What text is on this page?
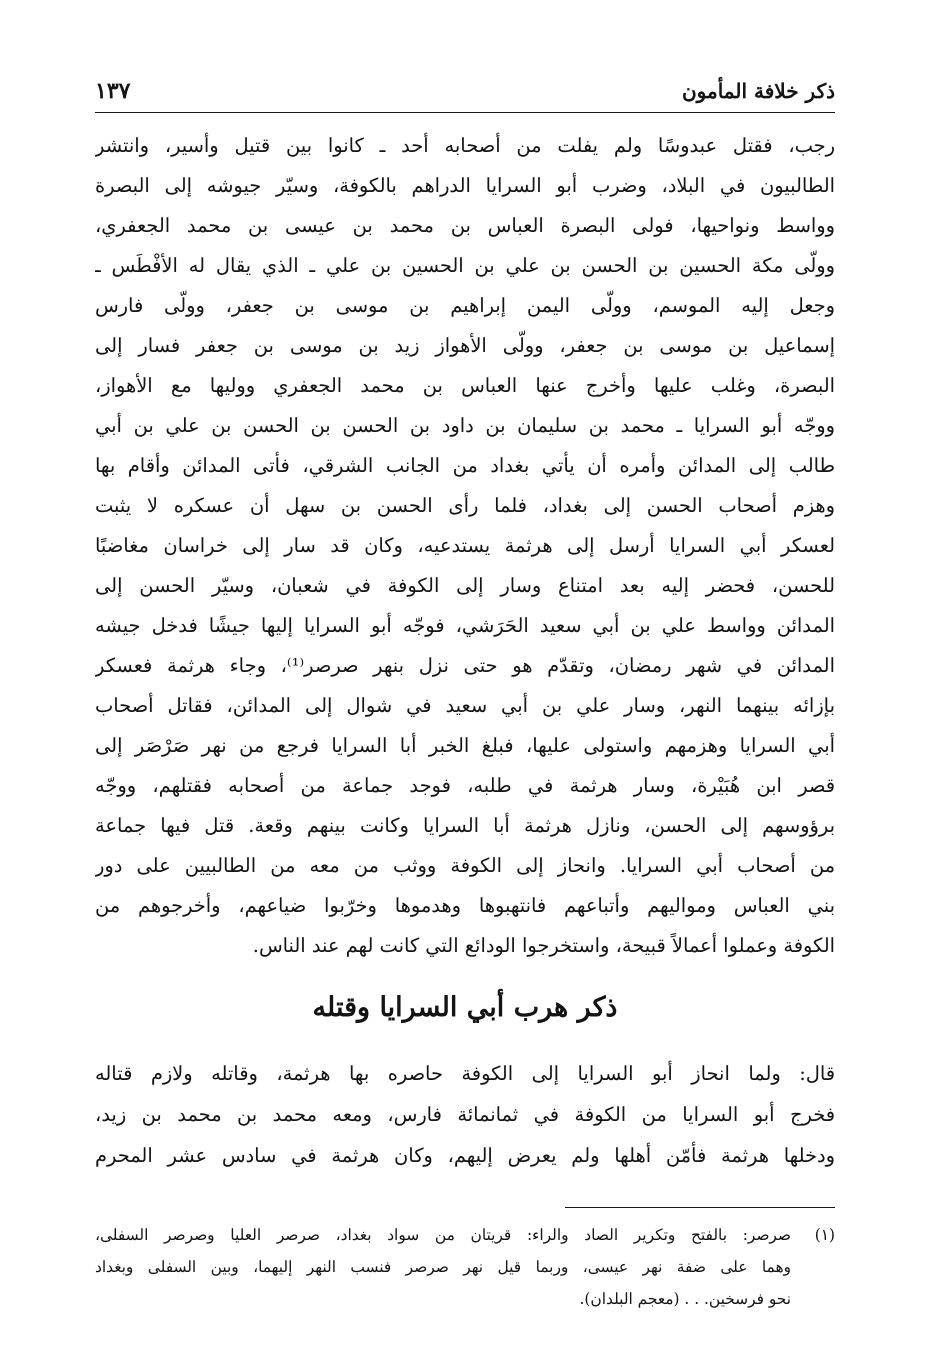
ذكر خلافة المأمون
١٣٧
رجب، فقتل عبدوسًا ولم يفلت من أصحابه أحد ـ كانوا بين قتيل وأسير، وانتشر
الطالبيون في البلاد، وضرب أبو السرايا الدراهم بالكوفة، وسيّر جيوشه إلى البصرة
وواسط ونواحيها، فولى البصرة العباس بن محمد بن عيسى بن محمد الجعفري،
وولّى مكة الحسين بن الحسن بن علي بن الحسين بن علي ـ الذي يقال له الأفْطَس ـ
وجعل إليه الموسم، وولّى اليمن إبراهيم بن موسى بن جعفر، وولّى فارس
إسماعيل بن موسى بن جعفر، وولّى الأهواز زيد بن موسى بن جعفر فسار إلى
البصرة، وغلب عليها وأخرج عنها العباس بن محمد الجعفري ووليها مع الأهواز،
ووجّه أبو السرايا ـ محمد بن سليمان بن داود بن الحسن بن الحسن بن علي بن أبي
طالب إلى المدائن وأمره أن يأتي بغداد من الجانب الشرقي، فأتى المدائن وأقام بها
وهزم أصحاب الحسن إلى بغداد، فلما رأى الحسن بن سهل أن عسكره لا يثبت
لعسكر أبي السرايا أرسل إلى هرثمة يستدعيه، وكان قد سار إلى خراسان مغاضبًا
للحسن، فحضر إليه بعد امتناع وسار إلى الكوفة في شعبان، وسيّر الحسن إلى
المدائن وواسط علي بن أبي سعيد الحَرَشي، فوجّه أبو السرايا إليها جيشًا فدخل جيشه
المدائن في شهر رمضان، وتقدّم هو حتى نزل بنهر صرصر⁽¹⁾، وجاء هرثمة فعسكر
بإزائه بينهما النهر، وسار علي بن أبي سعيد في شوال إلى المدائن، فقاتل أصحاب
أبي السرايا وهزمهم واستولى عليها، فبلغ الخبر أبا السرايا فرجع من نهر صَرْصَر إلى
قصر ابن هُبَيْرة، وسار هرثمة في طلبه، فوجد جماعة من أصحابه فقتلهم، ووجّه
برؤوسهم إلى الحسن، ونازل هرثمة أبا السرايا وكانت بينهم وقعة. قتل فيها جماعة
من أصحاب أبي السرايا. وانحاز إلى الكوفة ووثب من معه من الطالبيين على دور
بني العباس ومواليهم وأتباعهم فانتهبوها وهدموها وخرّبوا ضياعهم، وأخرجوهم من
الكوفة وعملوا أعمالاً قبيحة، واستخرجوا الودائع التي كانت لهم عند الناس.
ذكر هرب أبي السرايا وقتله
قال: ولما انحاز أبو السرايا إلى الكوفة حاصره بها هرثمة، وقاتله ولازم قتاله
فخرج أبو السرايا من الكوفة في ثمانمائة فارس، ومعه محمد بن محمد بن زيد،
ودخلها هرثمة فأمّن أهلها ولم يعرض إليهم، وكان هرثمة في سادس عشر المحرم
(١)
صرصر: بالفتح وتكرير الصاد والراء: قريتان من سواد بغداد، صرصر العليا وصرصر السفلى،
وهما على ضفة نهر عيسى، وربما قيل نهر صرصر فنسب النهر إليهما، وبين السفلى وبغداد
نحو فرسخين. . . (معجم البلدان).
